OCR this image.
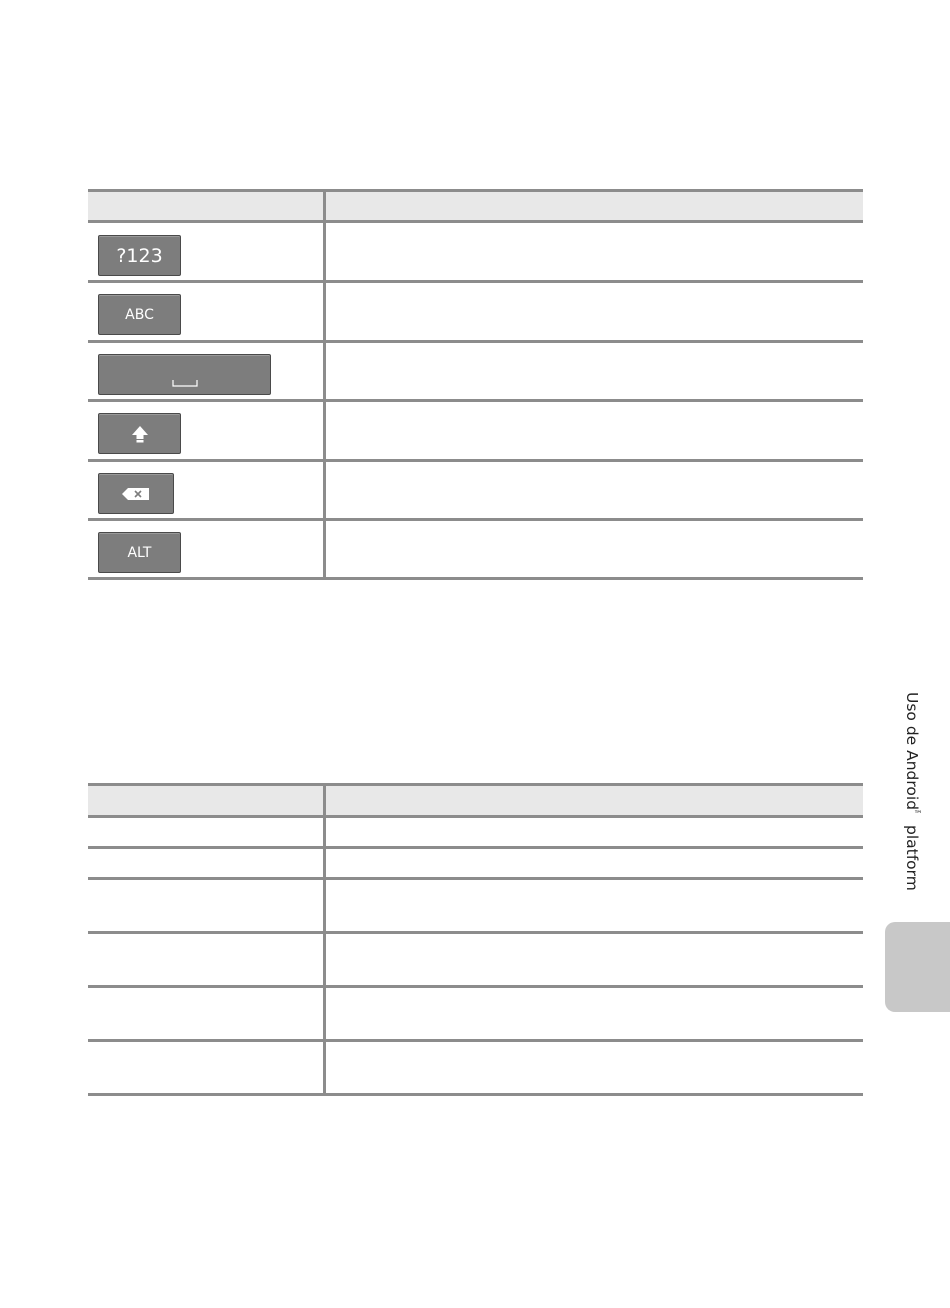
?123
ABC
ALT
Uso de Android™ platform
